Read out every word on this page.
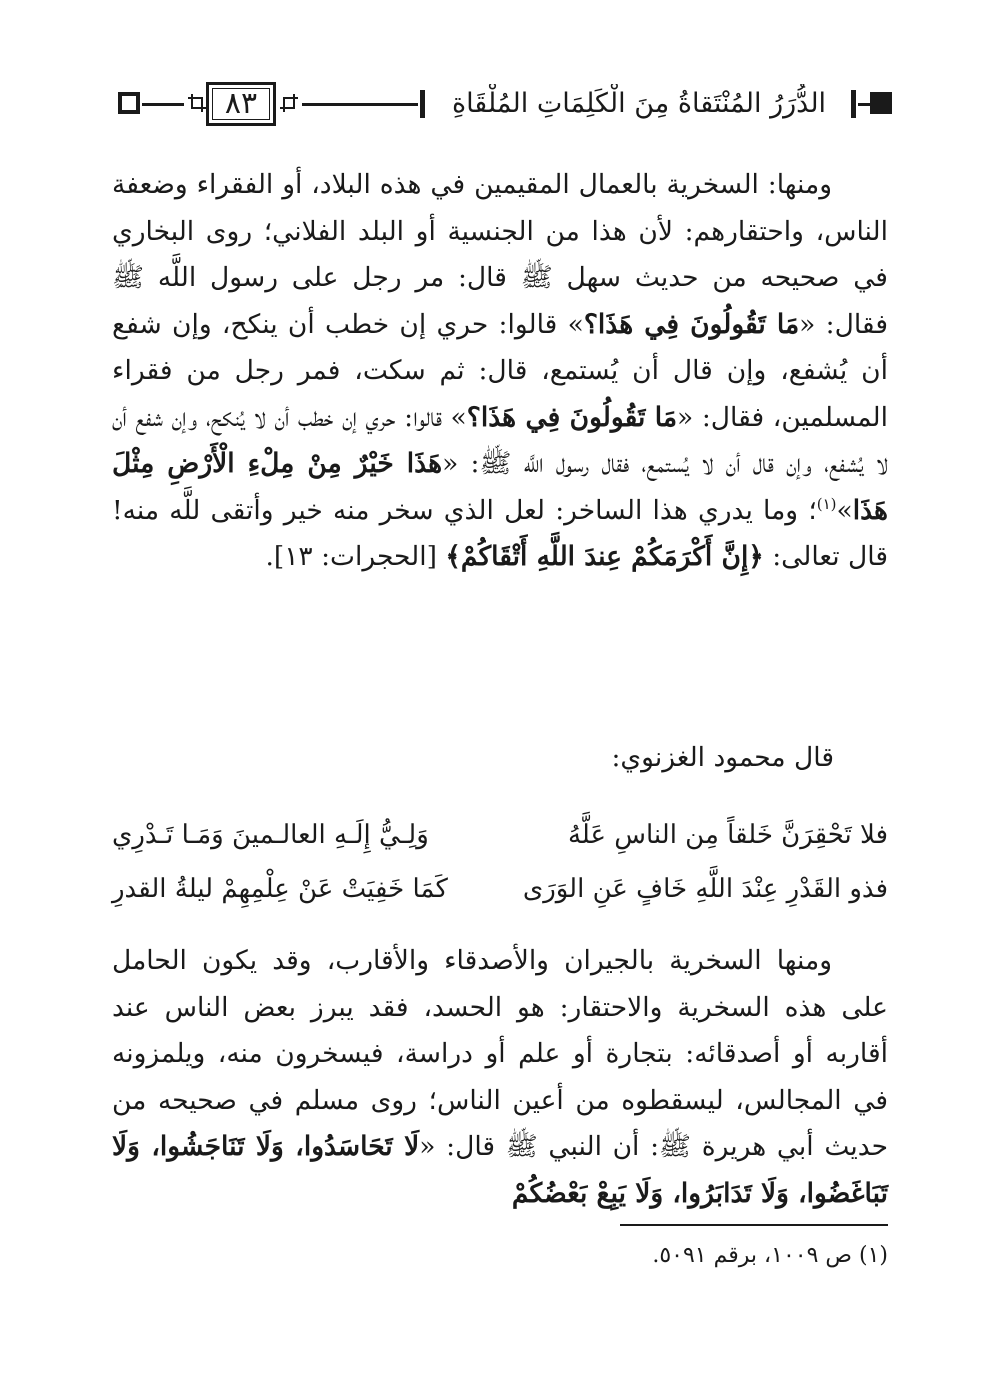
٨٣	الدُّرَرُ المُنْتَقاةُ مِنَ الْكَلِمَاتِ المُلْقَاةِ

ومنها: السخرية بالعمال المقيمين في هذه البلاد، أو الفقراء وضعفة الناس، واحتقارهم: لأن هذا من الجنسية أو البلد الفلاني؛ روى البخاري في صحيحه من حديث سهل ﷺ قال: مر رجل على رسول اللَّه ﷺ فقال: «مَا تَقُولُونَ فِي هَذَا؟» قالوا: حري إن خطب أن ينكح، وإن شفع أن يُشفع، وإن قال أن يُستمع، قال: ثم سكت، فمر رجل من فقراء المسلمين، فقال: «مَا تَقُولُونَ فِي هَذَا؟» قالوا: حري إن خطب أن لا يُنكح، وإن شفع أن لا يُشفع، وإن قال أن لا يُستمع، فقال رسول اللَّه ﷺ: «هَذَا خَيْرٌ مِنْ مِلْءِ الْأَرْضِ مِثْلَ هَذَا»$^{(١)}$؛ وما يدري هذا الساخر: لعل الذي سخر منه خير وأتقى للَّه منه! قال تعالى: ﴿إِنَّ أَكْرَمَكُمْ عِندَ اللَّهِ أَتْقَاكُمْ﴾ [الحجرات: ١٣].

قال محمود الغزنوي:
فلا تَحْقِرَنَّ خَلقاً مِن الناسِ عَلَّهُ
وَلِـيُّ إِلَـهِ العالـمينَ وَمَـا تَـدْرِي
فذو القَدْرِ عِنْدَ اللَّهِ خَافٍ عَنِ الوَرَى
كَمَا خَفِيَتْ عَنْ عِلْمِهِمْ ليلةُ القدرِ

ومنها السخرية بالجيران والأصدقاء والأقارب، وقد يكون الحامل على هذه السخرية والاحتقار: هو الحسد، فقد يبرز بعض الناس عند أقاربه أو أصدقائه: بتجارة أو علم أو دراسة، فيسخرون منه، ويلمزونه في المجالس، ليسقطوه من أعين الناس؛ روى مسلم في صحيحه من حديث أبي هريرة ﷺ: أن النبي ﷺ قال: «لَا تَحَاسَدُوا، وَلَا تَنَاجَشُوا، وَلَا تَبَاغَضُوا، وَلَا تَدَابَرُوا، وَلَا يَبِعْ بَعْضُكُمْ

(١) ص ١٠٠٩، برقم ٥٠٩١.
